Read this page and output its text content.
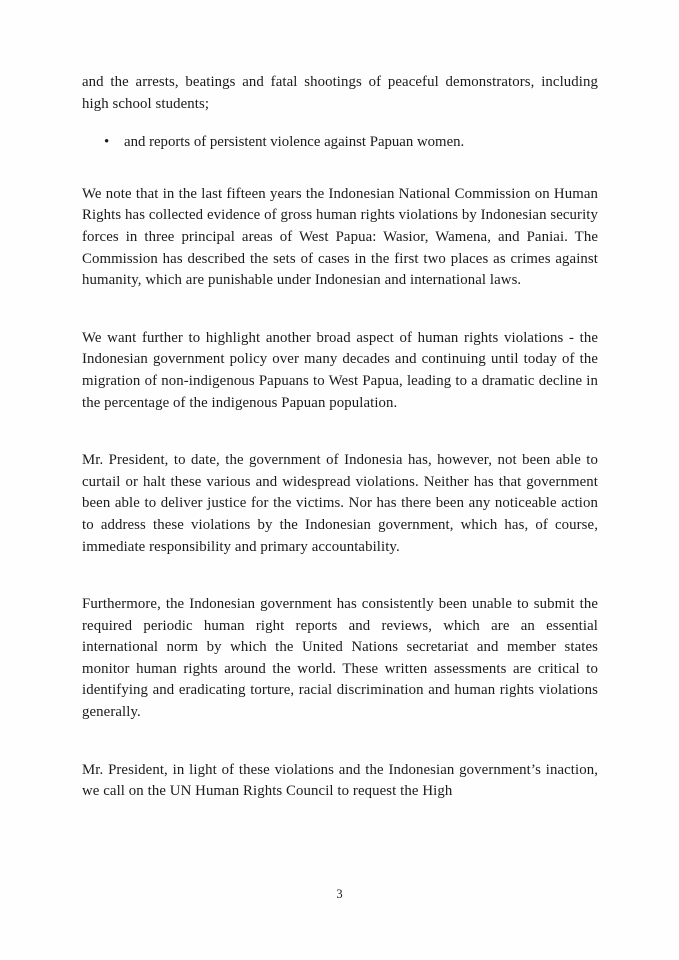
and the arrests, beatings and fatal shootings of peaceful demonstrators, including high school students;

• and reports of persistent violence against Papuan women.

We note that in the last fifteen years the Indonesian National Commission on Human Rights has collected evidence of gross human rights violations by Indonesian security forces in three principal areas of West Papua: Wasior, Wamena, and Paniai. The Commission has described the sets of cases in the first two places as crimes against humanity, which are punishable under Indonesian and international laws.

We want further to highlight another broad aspect of human rights violations - the Indonesian government policy over many decades and continuing until today of the migration of non-indigenous Papuans to West Papua, leading to a dramatic decline in the percentage of the indigenous Papuan population.

Mr. President, to date, the government of Indonesia has, however, not been able to curtail or halt these various and widespread violations. Neither has that government been able to deliver justice for the victims. Nor has there been any noticeable action to address these violations by the Indonesian government, which has, of course, immediate responsibility and primary accountability.

Furthermore, the Indonesian government has consistently been unable to submit the required periodic human right reports and reviews, which are an essential international norm by which the United Nations secretariat and member states monitor human rights around the world. These written assessments are critical to identifying and eradicating torture, racial discrimination and human rights violations generally.

Mr. President, in light of these violations and the Indonesian government’s inaction, we call on the UN Human Rights Council to request the High

3
